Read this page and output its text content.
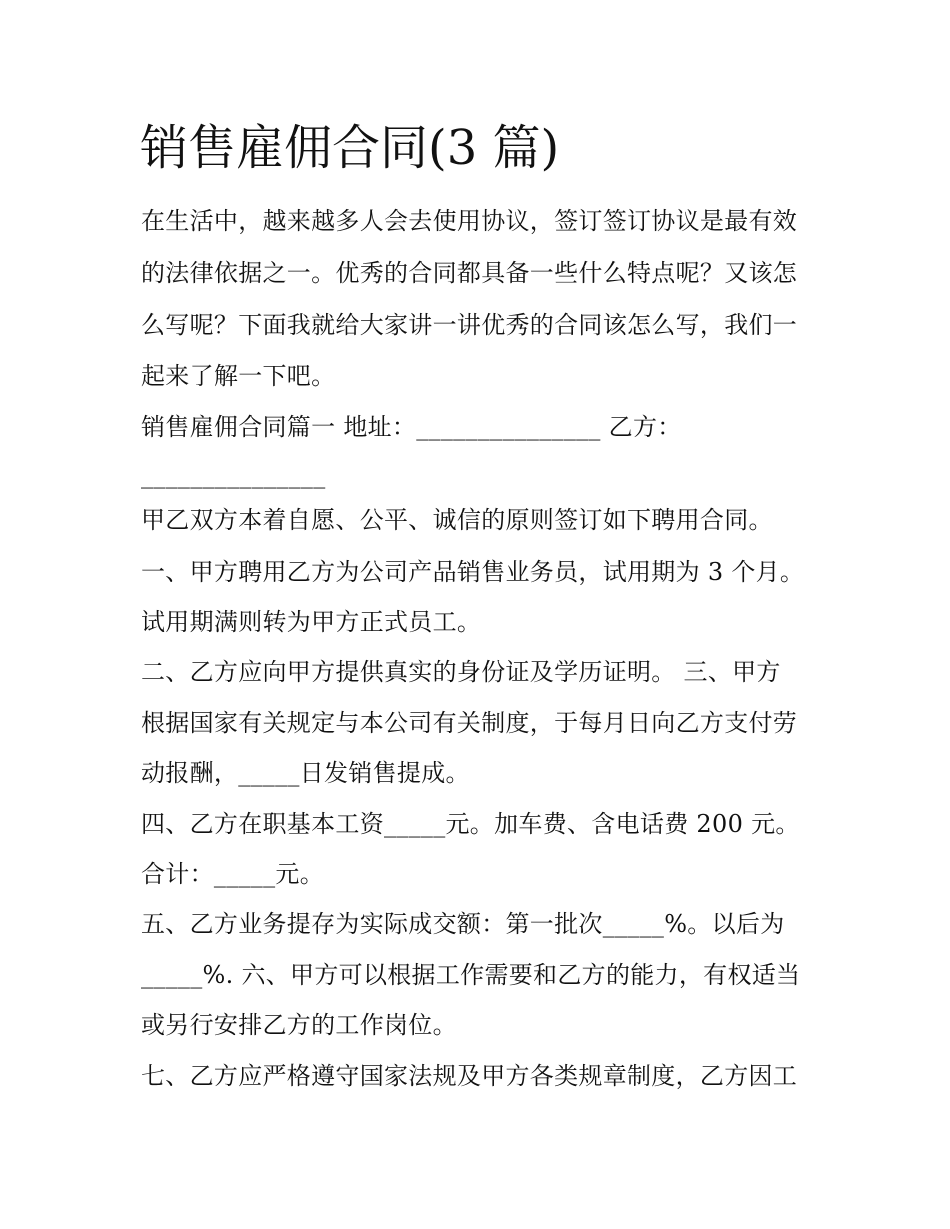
销售雇佣合同(3 篇)

在生活中，越来越多人会去使用协议，签订签订协议是最有效

的法律依据之一。优秀的合同都具备一些什么特点呢？又该怎

么写呢？下面我就给大家讲一讲优秀的合同该怎么写，我们一

起来了解一下吧。

销售雇佣合同篇一 地址：_______________ 乙方：

_______________

甲乙双方本着自愿、公平、诚信的原则签订如下聘用合同。

一、甲方聘用乙方为公司产品销售业务员，试用期为 3 个月。

试用期满则转为甲方正式员工。

二、乙方应向甲方提供真实的身份证及学历证明。 三、甲方

根据国家有关规定与本公司有关制度，于每月日向乙方支付劳

动报酬，_____日发销售提成。

四、乙方在职基本工资_____元。加车费、含电话费 200 元。

合计：_____元。

五、乙方业务提存为实际成交额：第一批次_____%。以后为

_____%. 六、甲方可以根据工作需要和乙方的能力，有权适当

或另行安排乙方的工作岗位。

七、乙方应严格遵守国家法规及甲方各类规章制度，乙方因工
